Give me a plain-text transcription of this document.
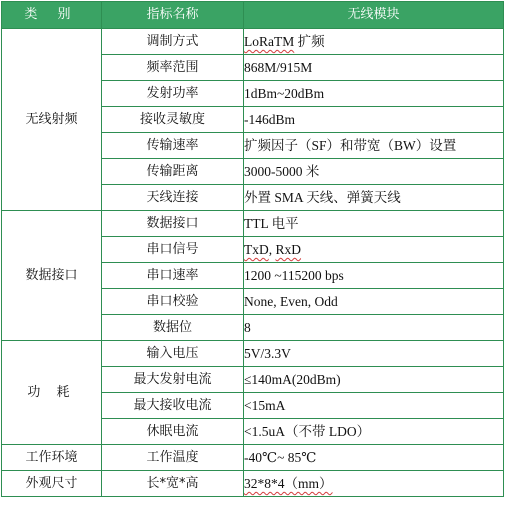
类 别	指标名称	无线模块
无线射频	调制方式	LoRaTM 扩频
	频率范围	868M/915M
	发射功率	1dBm~20dBm
	接收灵敏度	-146dBm
	传输速率	扩频因子（SF）和带宽（BW）设置
	传输距离	3000-5000 米
	天线连接	外置 SMA 天线、弹簧天线
数据接口	数据接口	TTL 电平
	串口信号	TxD, RxD
	串口速率	1200 ~115200 bps
	串口校验	None, Even, Odd
	数据位	8
功 耗	输入电压	5V/3.3V
	最大发射电流	≤140mA(20dBm)
	最大接收电流	<15mA
	休眠电流	<1.5uA（不带 LDO）
工作环境	工作温度	-40℃~ 85℃
外观尺寸	长*宽*高	32*8*4（mm）
